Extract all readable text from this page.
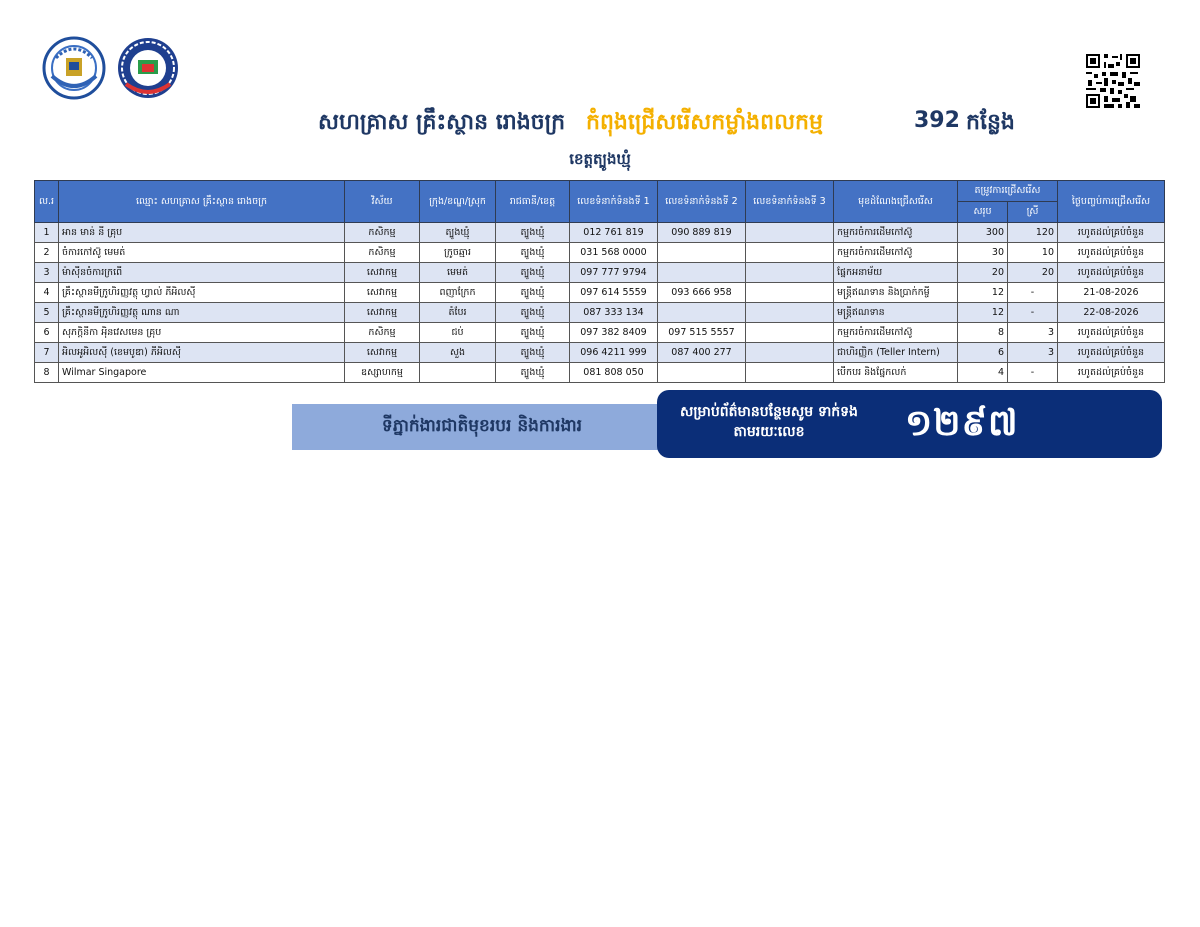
សហគ្រាស គ្រឹះស្ថាន រោងចក្រ កំពុងជ្រើសរើសកម្លាំងពលកម្ម	392 កន្លែង
ខេត្តត្បូងឃ្មុំ
ល.រ	ឈ្មោះ សហគ្រាស គ្រឹះស្ថាន រោងចក្រ	វិស័យ	ក្រុង/ខណ្ឌ/ស្រុក	រាជធានី/ខេត្ត	លេខទំនាក់ទំនងទី 1	លេខទំនាក់ទំនងទី 2	លេខទំនាក់ទំនងទី 3	មុខដំណែងជ្រើសរើស	តម្រូវការជ្រើសរើស		ថ្ងៃបញ្ចប់ការជ្រើសរើស
									សរុប	ស្រី	
1	អាន មាន់ នី គ្រុប	កសិកម្ម	ត្បូងឃ្មុំ	ត្បូងឃ្មុំ	012 761 819	090 889 819		កម្មករចំការដើមកៅស៊ូ	300	120	រហូតដល់គ្រប់ចំនួន
2	ចំការកៅស៊ូ មេមត់	កសិកម្ម	ក្រូចឆ្មារ	ត្បូងឃ្មុំ	031 568 0000			កម្មករចំការដើមកៅស៊ូ	30	10	រហូតដល់គ្រប់ចំនួន
3	ម៉ាស៊ីនចំការក្រពើ	សេវាកម្ម	មេមត់	ត្បូងឃ្មុំ	097 777 9794			ផ្នែកអនាម័យ	20	20	រហូតដល់គ្រប់ចំនួន
4	គ្រឹះស្ថានមីក្រូហិរញ្ញវត្ថុ ហ្វាល់ ភីអិលស៊ី	សេវាកម្ម	ពញាក្រែក	ត្បូងឃ្មុំ	097 614 5559	093 666 958		មន្ត្រីឥណទាន និងប្រាក់កម្ចី	12	-	21-08-2026
5	គ្រឹះស្ថានមីក្រូហិរញ្ញវត្ថុ ណាន ណា	សេវាកម្ម	តំបែរ	ត្បូងឃ្មុំ	087 333 134			មន្ត្រីឥណទាន	12	-	22-08-2026
6	សុភក្តិនីកា អុិនវេសមេន គ្រុប	កសិកម្ម	ជប់	ត្បូងឃ្មុំ	097 382 8409	097 515 5557		កម្មករចំការដើមកៅស៊ូ	8	3	រហូតដល់គ្រប់ចំនួន
7	អិលអូអិលស៊ី (ខេមបូឌា) ភីអិលស៊ី	សេវាកម្ម	សួង	ត្បូងឃ្មុំ	096 4211 999	087 400 277		ជាហិរញ្ញិក (Teller Intern)	6	3	រហូតដល់គ្រប់ចំនួន
8	Wilmar Singapore	ឧស្សាហកម្ម		ត្បូងឃ្មុំ	081 808 050			បើកបរ និងផ្នែកលក់	4	-	រហូតដល់គ្រប់ចំនួន
ទីភ្នាក់ងារជាតិមុខរបរ និងការងារ
សម្រាប់ព័ត៌មានបន្ថែមសូម ទាក់ទងតាមរយៈលេខ	១២៩៧
